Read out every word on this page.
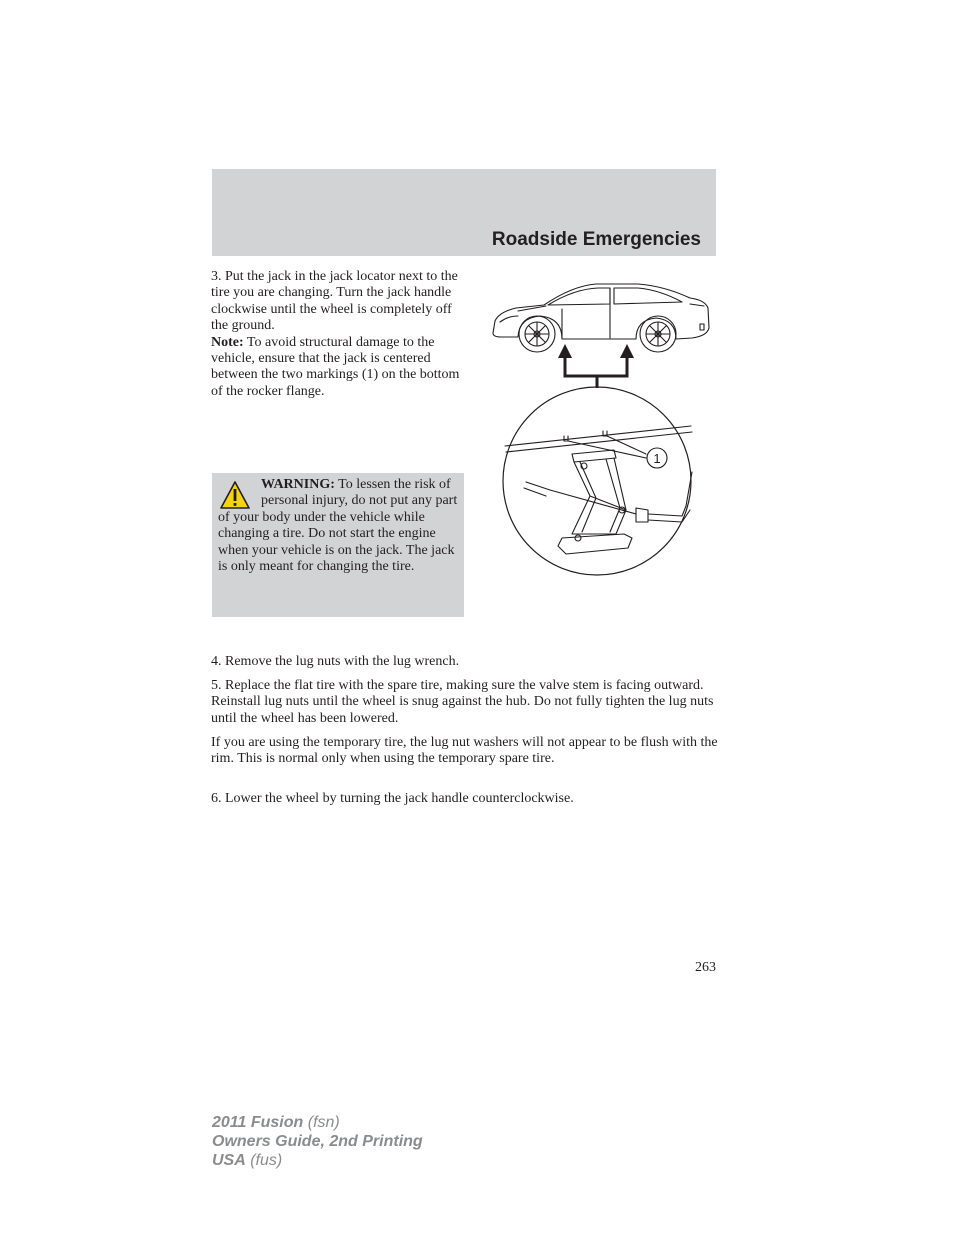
Roadside Emergencies

3. Put the jack in the jack locator next to the tire you are changing. Turn the jack handle clockwise until the wheel is completely off the ground.
Note: To avoid structural damage to the vehicle, ensure that the jack is centered between the two markings (1) on the bottom of the rocker flange.

WARNING: To lessen the risk of personal injury, do not put any part of your body under the vehicle while changing a tire. Do not start the engine when your vehicle is on the jack. The jack is only meant for changing the tire.
1
4. Remove the lug nuts with the lug wrench.
5. Replace the flat tire with the spare tire, making sure the valve stem is facing outward. Reinstall lug nuts until the wheel is snug against the hub. Do not fully tighten the lug nuts until the wheel has been lowered.
If you are using the temporary tire, the lug nut washers will not appear to be flush with the rim. This is normal only when using the temporary spare tire.
6. Lower the wheel by turning the jack handle counterclockwise.
263
2011 Fusion (fsn)
Owners Guide, 2nd Printing
USA (fus)
